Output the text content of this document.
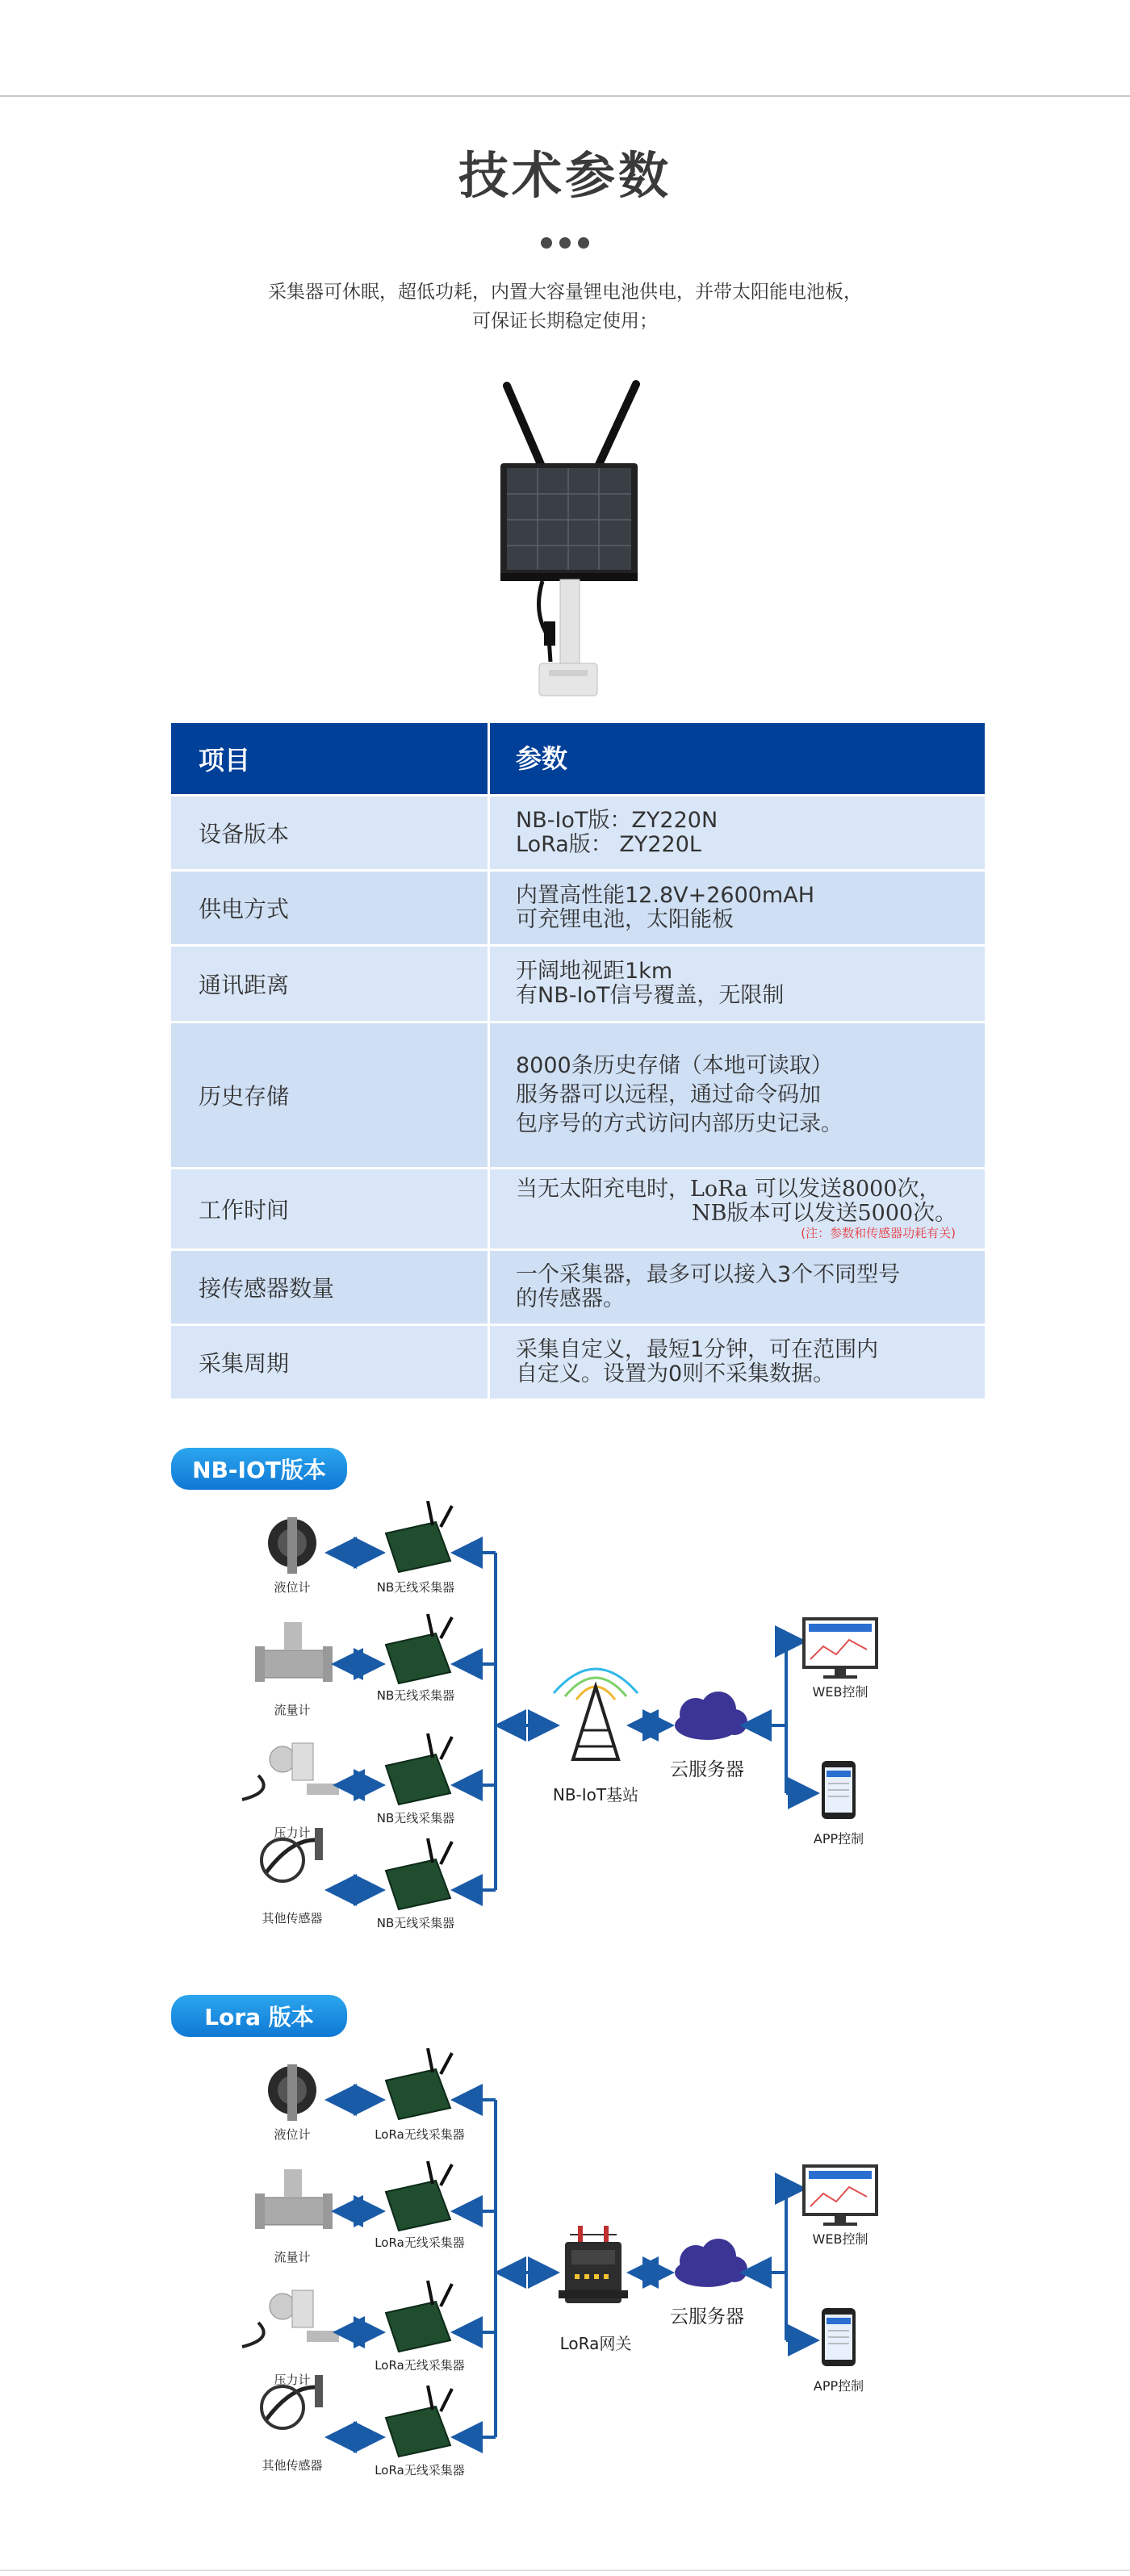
技术参数
采集器可休眠，超低功耗，内置大容量锂电池供电，并带太阳能电池板，
可保证长期稳定使用；
项目	参数
设备版本
NB-IoT版：ZY220N
LoRa版： ZY220L
供电方式
内置高性能12.8V+2600mAH
可充锂电池，太阳能板
通讯距离
开阔地视距1km
有NB-IoT信号覆盖，无限制
历史存储
8000条历史存储（本地可读取）
服务器可以远程，通过命令码加
包序号的方式访问内部历史记录。
工作时间
当无太阳充电时，LoRa 可以发送8000次，
NB版本可以发送5000次。
(注：参数和传感器功耗有关)
接传感器数量
一个采集器，最多可以接入3个不同型号
的传感器。
采集周期
采集自定义，最短1分钟，可在范围内
自定义。设置为0则不采集数据。
NB-IOT版本
液位计
流量计
压力计
其他传感器
NB无线采集器
NB无线采集器
NB无线采集器
NB无线采集器
NB-IoT基站
云服务器
WEB控制
APP控制
Lora 版本
液位计
流量计
压力计
其他传感器
LoRa无线采集器
LoRa无线采集器
LoRa无线采集器
LoRa无线采集器
LoRa网关
云服务器
WEB控制
APP控制
